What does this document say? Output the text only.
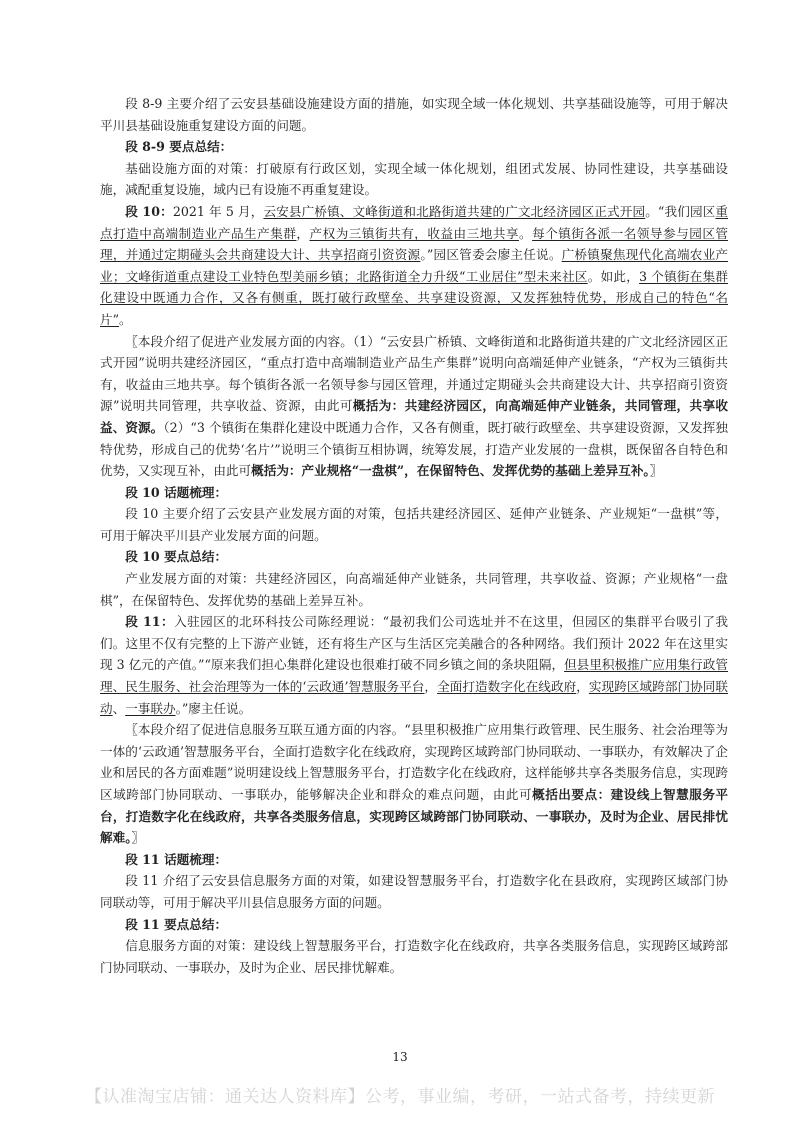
段 8-9 主要介绍了云安县基础设施建设方面的措施，如实现全域一体化规划、共享基础设施等，可用于解决平川县基础设施重复建设方面的问题。

段 8-9 要点总结：

基础设施方面的对策：打破原有行政区划，实现全域一体化规划，组团式发展、协同性建设，共享基础设施，减配重复设施，域内已有设施不再重复建设。

段 10：2021 年 5 月，云安县广桥镇、文峰街道和北路街道共建的广文北经济园区正式开园。“我们园区重点打造中高端制造业产品生产集群，产权为三镇街共有，收益由三地共享。每个镇街各派一名领导参与园区管理，并通过定期碰头会共商建设大计、共享招商引资资源。”园区管委会廖主任说。广桥镇聚焦现代化高端农业产业；文峰街道重点建设工业特色型美丽乡镇；北路街道全力升级“工业居住”型未来社区。如此，3 个镇街在集群化建设中既通力合作，又各有侧重，既打破行政壁垒、共享建设资源，又发挥独特优势，形成自己的特色“名片”。

〖本段介绍了促进产业发展方面的内容。（1）“云安县广桥镇、文峰街道和北路街道共建的广文北经济园区正式开园”说明共建经济园区，“重点打造中高端制造业产品生产集群”说明向高端延伸产业链条，“产权为三镇街共有，收益由三地共享。每个镇街各派一名领导参与园区管理，并通过定期碰头会共商建设大计、共享招商引资资源”说明共同管理，共享收益、资源，由此可概括为：共建经济园区，向高端延伸产业链条，共同管理，共享收益、资源。（2）“3 个镇街在集群化建设中既通力合作，又各有侧重，既打破行政壁垒、共享建设资源，又发挥独特优势，形成自己的优势‘名片’”说明三个镇街互相协调，统筹发展，打造产业发展的一盘棋，既保留各自特色和优势，又实现互补，由此可概括为：产业规格“一盘棋”，在保留特色、发挥优势的基础上差异互补。〗

段 10 话题梳理：

段 10 主要介绍了云安县产业发展方面的对策，包括共建经济园区、延伸产业链条、产业规矩“一盘棋”等，可用于解决平川县产业发展方面的问题。

段 10 要点总结：

产业发展方面的对策：共建经济园区，向高端延伸产业链条，共同管理，共享收益、资源；产业规格“一盘棋”，在保留特色、发挥优势的基础上差异互补。

段 11：入驻园区的北环科技公司陈经理说：“最初我们公司选址并不在这里，但园区的集群平台吸引了我们。这里不仅有完整的上下游产业链，还有将生产区与生活区完美融合的各种网络。我们预计 2022 年在这里实现 3 亿元的产值。”“原来我们担心集群化建设也很难打破不同乡镇之间的条块阻隔，但县里积极推广应用集行政管理、民生服务、社会治理等为一体的‘云政通’智慧服务平台，全面打造数字化在线政府，实现跨区域跨部门协同联动、一事联办。”廖主任说。

〖本段介绍了促进信息服务互联互通方面的内容。“县里积极推广应用集行政管理、民生服务、社会治理等为一体的‘云政通’智慧服务平台，全面打造数字化在线政府，实现跨区域跨部门协同联动、一事联办，有效解决了企业和居民的各方面难题”说明建设线上智慧服务平台，打造数字化在线政府，这样能够共享各类服务信息，实现跨区域跨部门协同联动、一事联办，能够解决企业和群众的难点问题，由此可概括出要点：建设线上智慧服务平台，打造数字化在线政府，共享各类服务信息，实现跨区域跨部门协同联动、一事联办，及时为企业、居民排忧解难。〗

段 11 话题梳理：

段 11 介绍了云安县信息服务方面的对策，如建设智慧服务平台，打造数字化在县政府，实现跨区域部门协同联动等，可用于解决平川县信息服务方面的问题。

段 11 要点总结：

信息服务方面的对策：建设线上智慧服务平台，打造数字化在线政府，共享各类服务信息，实现跨区域跨部门协同联动、一事联办，及时为企业、居民排忧解难。

13
【认准淘宝店铺：通关达人资料库】公考，事业编，考研，一站式备考，持续更新
